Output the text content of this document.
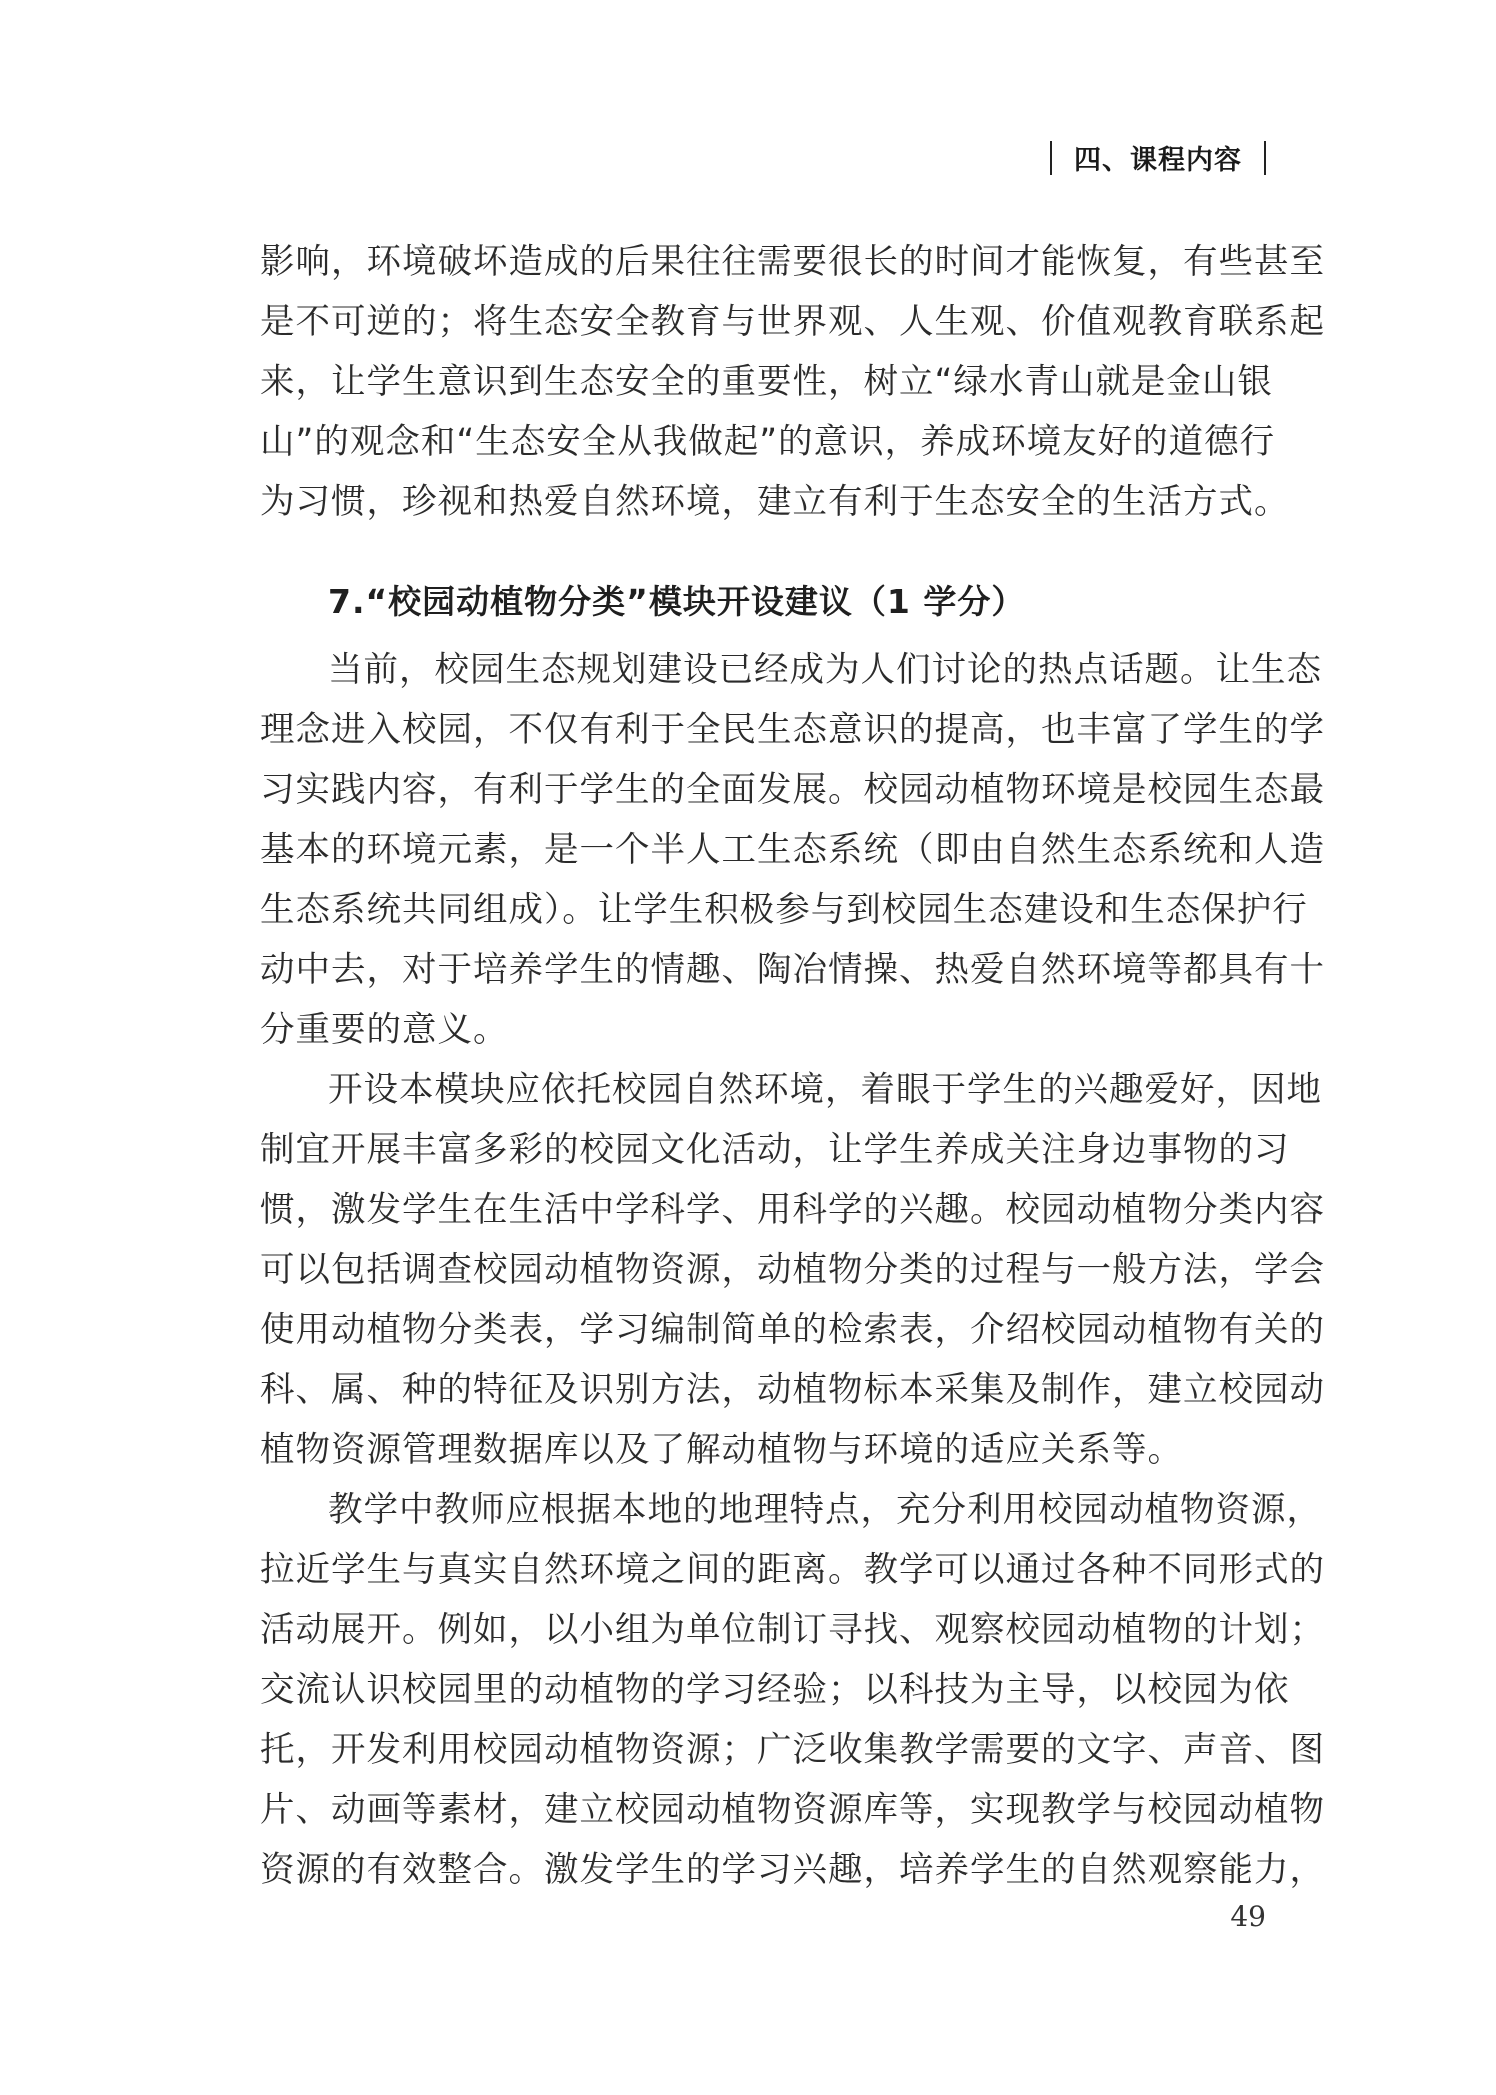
四、课程内容
影响，环境破坏造成的后果往往需要很长的时间才能恢复，有些甚至
是不可逆的；将生态安全教育与世界观、人生观、价值观教育联系起
来，让学生意识到生态安全的重要性，树立“绿水青山就是金山银
山”的观念和“生态安全从我做起”的意识，养成环境友好的道德行
为习惯，珍视和热爱自然环境，建立有利于生态安全的生活方式。
7.“校园动植物分类”模块开设建议（1 学分）
当前，校园生态规划建设已经成为人们讨论的热点话题。让生态
理念进入校园，不仅有利于全民生态意识的提高，也丰富了学生的学
习实践内容，有利于学生的全面发展。校园动植物环境是校园生态最
基本的环境元素，是一个半人工生态系统（即由自然生态系统和人造
生态系统共同组成）。让学生积极参与到校园生态建设和生态保护行
动中去，对于培养学生的情趣、陶冶情操、热爱自然环境等都具有十
分重要的意义。
开设本模块应依托校园自然环境，着眼于学生的兴趣爱好，因地
制宜开展丰富多彩的校园文化活动，让学生养成关注身边事物的习
惯，激发学生在生活中学科学、用科学的兴趣。校园动植物分类内容
可以包括调查校园动植物资源，动植物分类的过程与一般方法，学会
使用动植物分类表，学习编制简单的检索表，介绍校园动植物有关的
科、属、种的特征及识别方法，动植物标本采集及制作，建立校园动
植物资源管理数据库以及了解动植物与环境的适应关系等。
教学中教师应根据本地的地理特点，充分利用校园动植物资源，
拉近学生与真实自然环境之间的距离。教学可以通过各种不同形式的
活动展开。例如，以小组为单位制订寻找、观察校园动植物的计划；
交流认识校园里的动植物的学习经验；以科技为主导，以校园为依
托，开发利用校园动植物资源；广泛收集教学需要的文字、声音、图
片、动画等素材，建立校园动植物资源库等，实现教学与校园动植物
资源的有效整合。激发学生的学习兴趣，培养学生的自然观察能力，
49
